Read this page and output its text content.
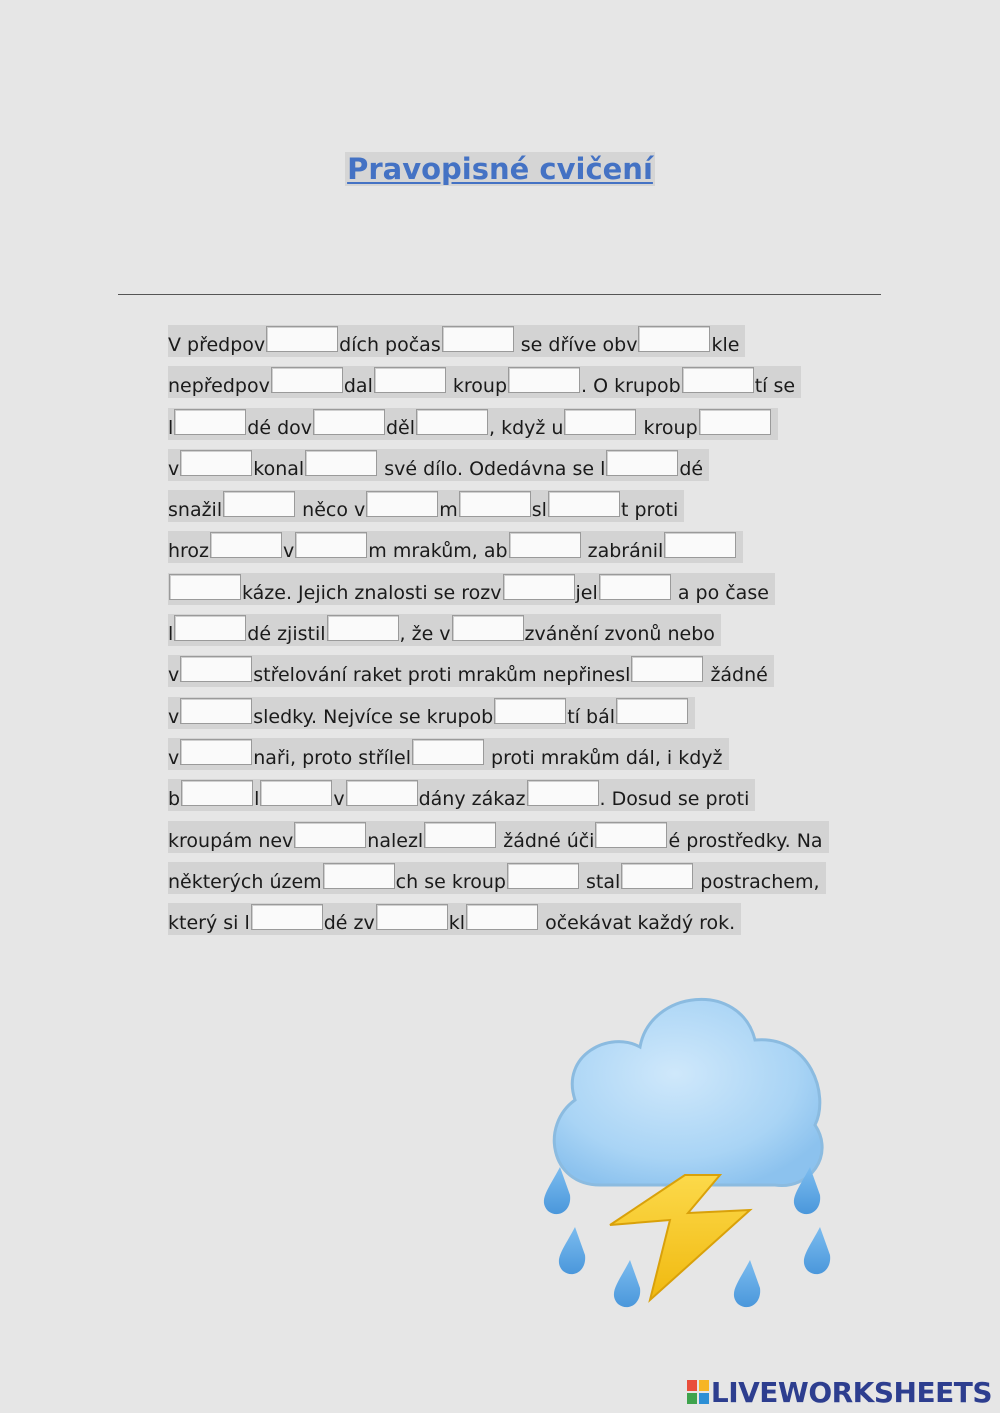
Pravopisné cvičení
V předpov	dích počas	se dříve obv	kle
nepředpov	dal	kroup	. O krupob	tí se
l	dé dov	děl	, když u	kroup
v	konal	své dílo. Odedávna se l	dé
snažil	něco v	m	sl	t proti
hroz	v	m mrakům, ab	zabránil
káze. Jejich znalosti se rozv	jel	a po čase
l	dé zjistil	, že v	zvánění zvonů nebo
v	střelování raket proti mrakům nepřinesl	žádné
v	sledky. Nejvíce se krupob	tí bál
v	naři, proto střílel	proti mrakům dál, i když
b	l	v	dány zákaz	. Dosud se proti
kroupám nev	nalezl	žádné úči	é prostředky. Na
některých územ	ch se kroup	stal	postrachem,
který si l	dé zv	kl	očekávat každý rok.
LIVEWORKSHEETS
